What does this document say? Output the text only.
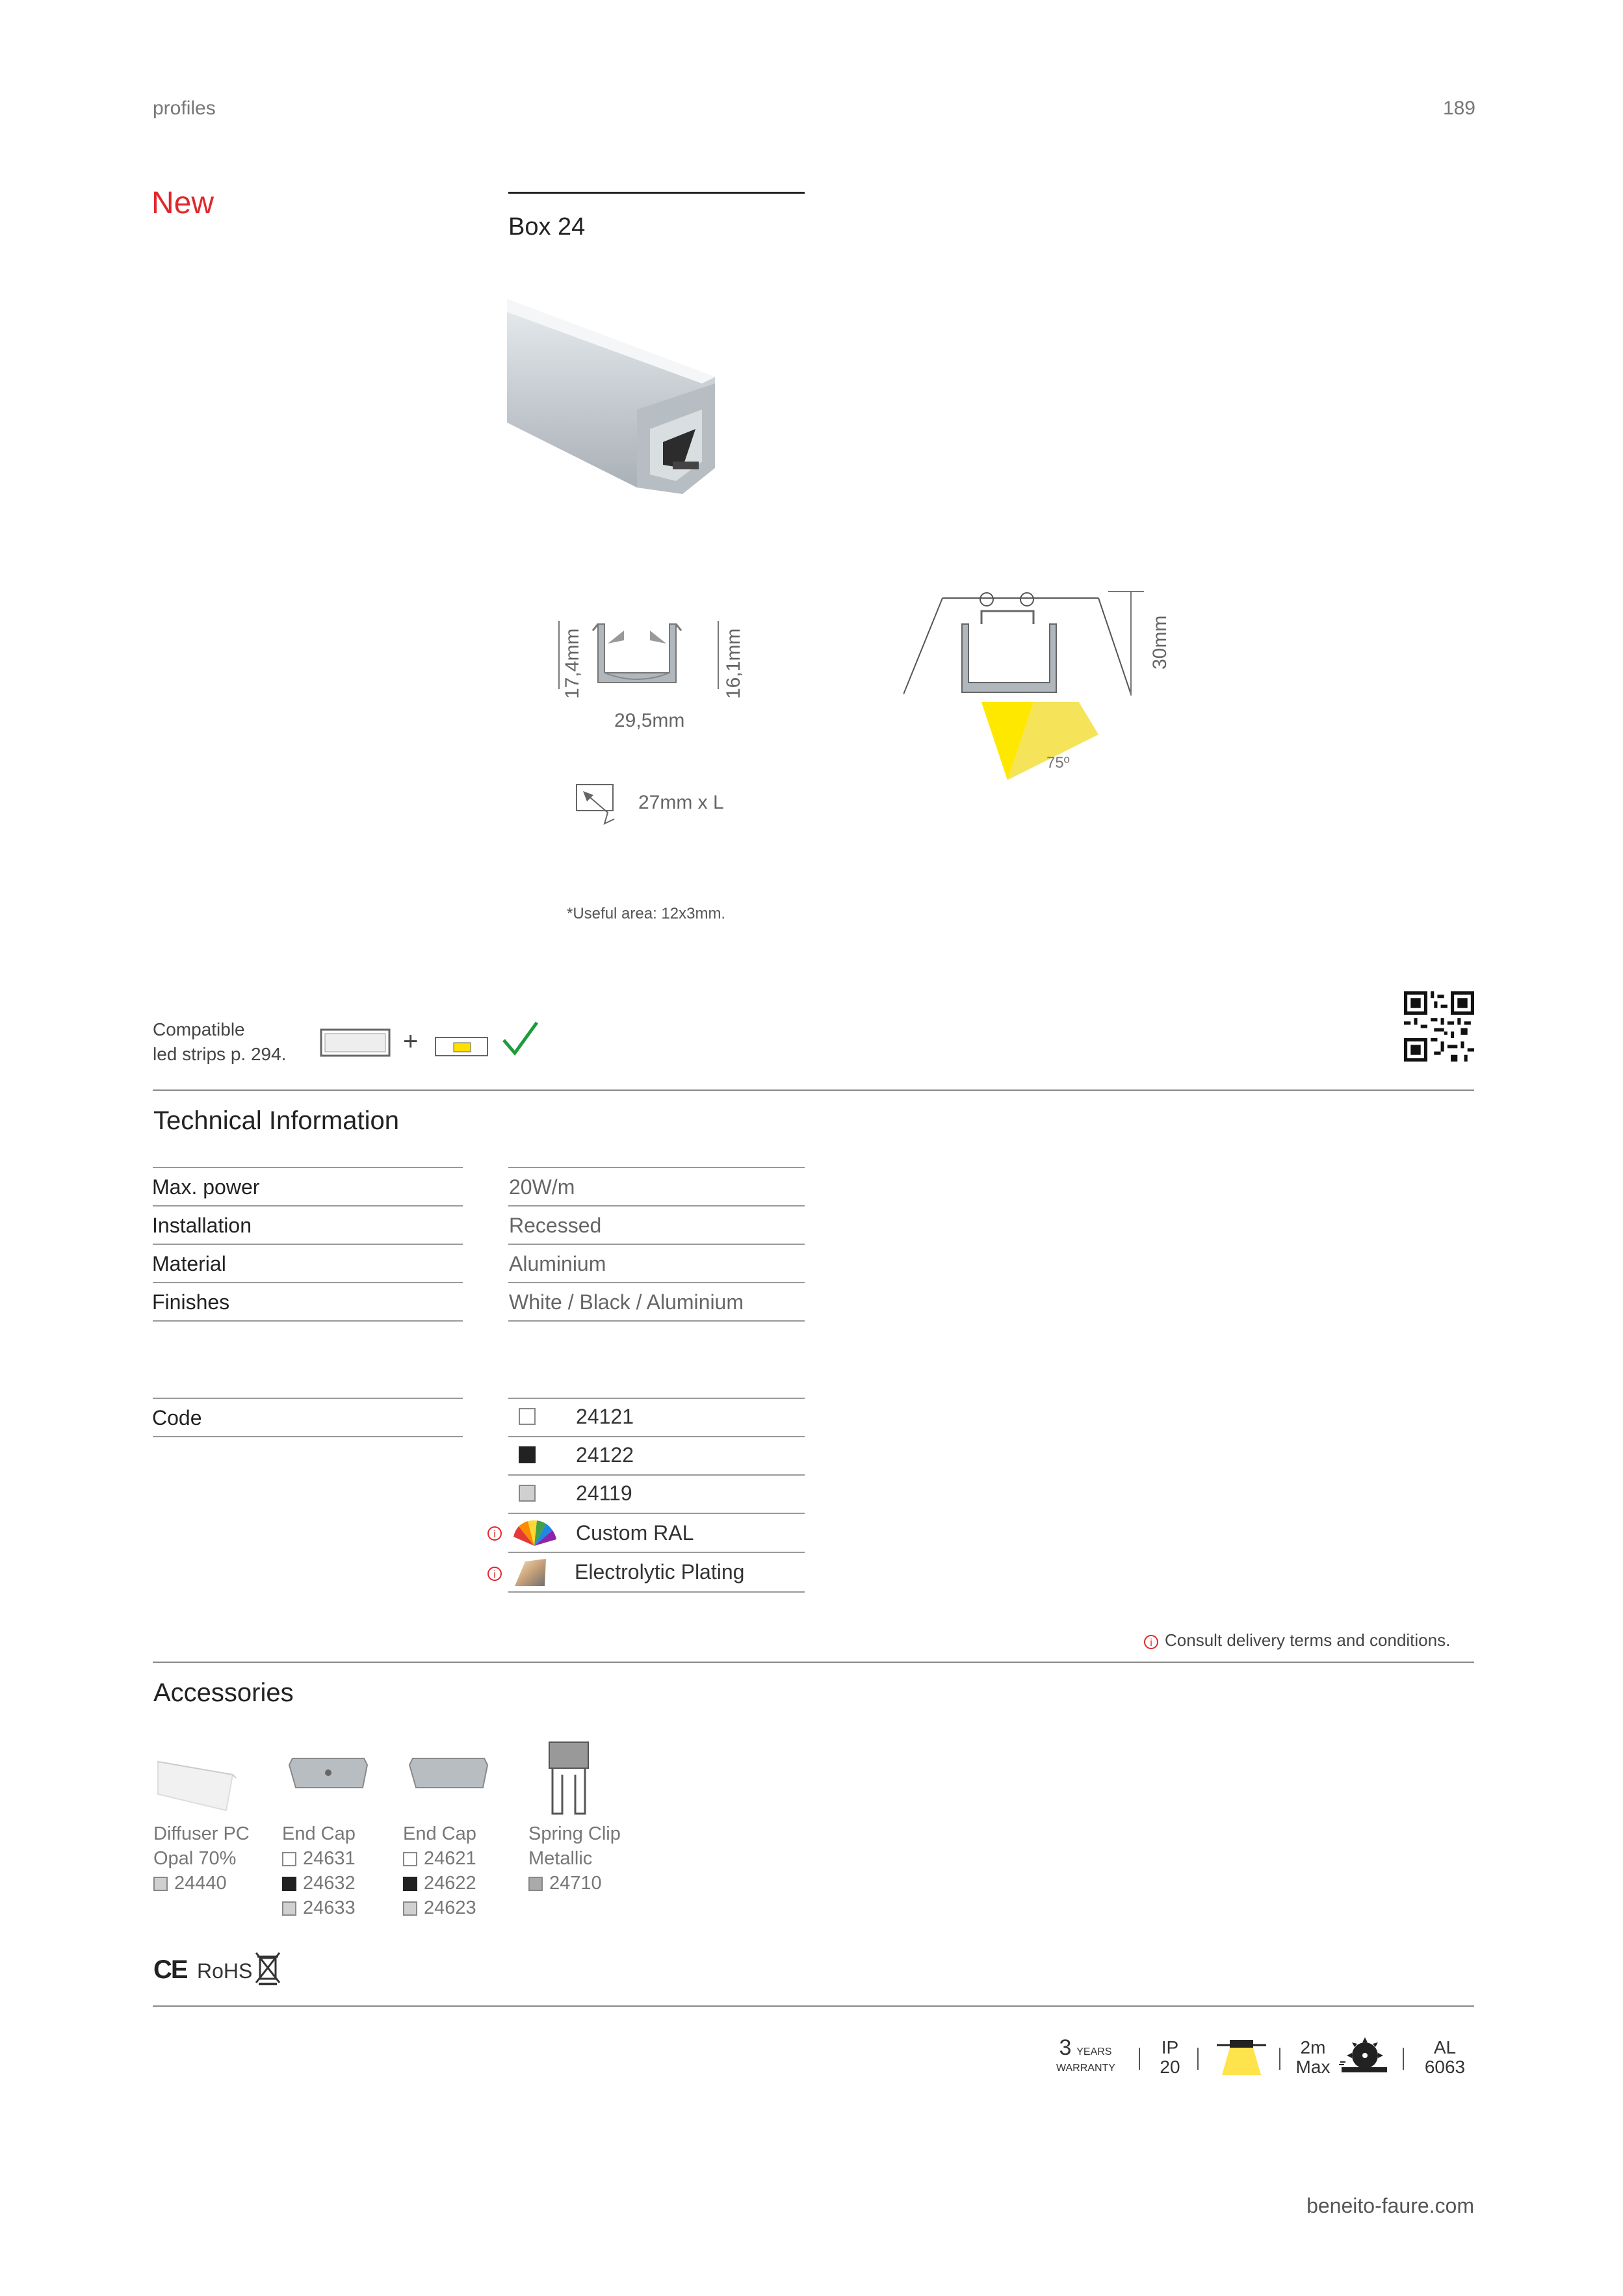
profiles	189
New
Box 24
17,4mm	16,1mm
29,5mm
30mm
75º
27mm x L
*Useful area: 12x3mm.
Compatible
led strips p. 294.	+
Technical Information
Max. power	20W/m
Installation	Recessed
Material	Aluminium
Finishes	White / Black / Aluminium
Code	24121
24122
24119
i	Custom RAL
i	Electrolytic Plating
i Consult delivery terms and conditions.
Accessories
Diffuser PC
Opal 70%
24440
End Cap
24631
24632
24633
End Cap
24621
24622
24623
Spring Clip
Metallic
24710
CE RoHS
3 YEARS
WARRANTY
IP
20
2m
Max
AL
6063
beneito-faure.com
